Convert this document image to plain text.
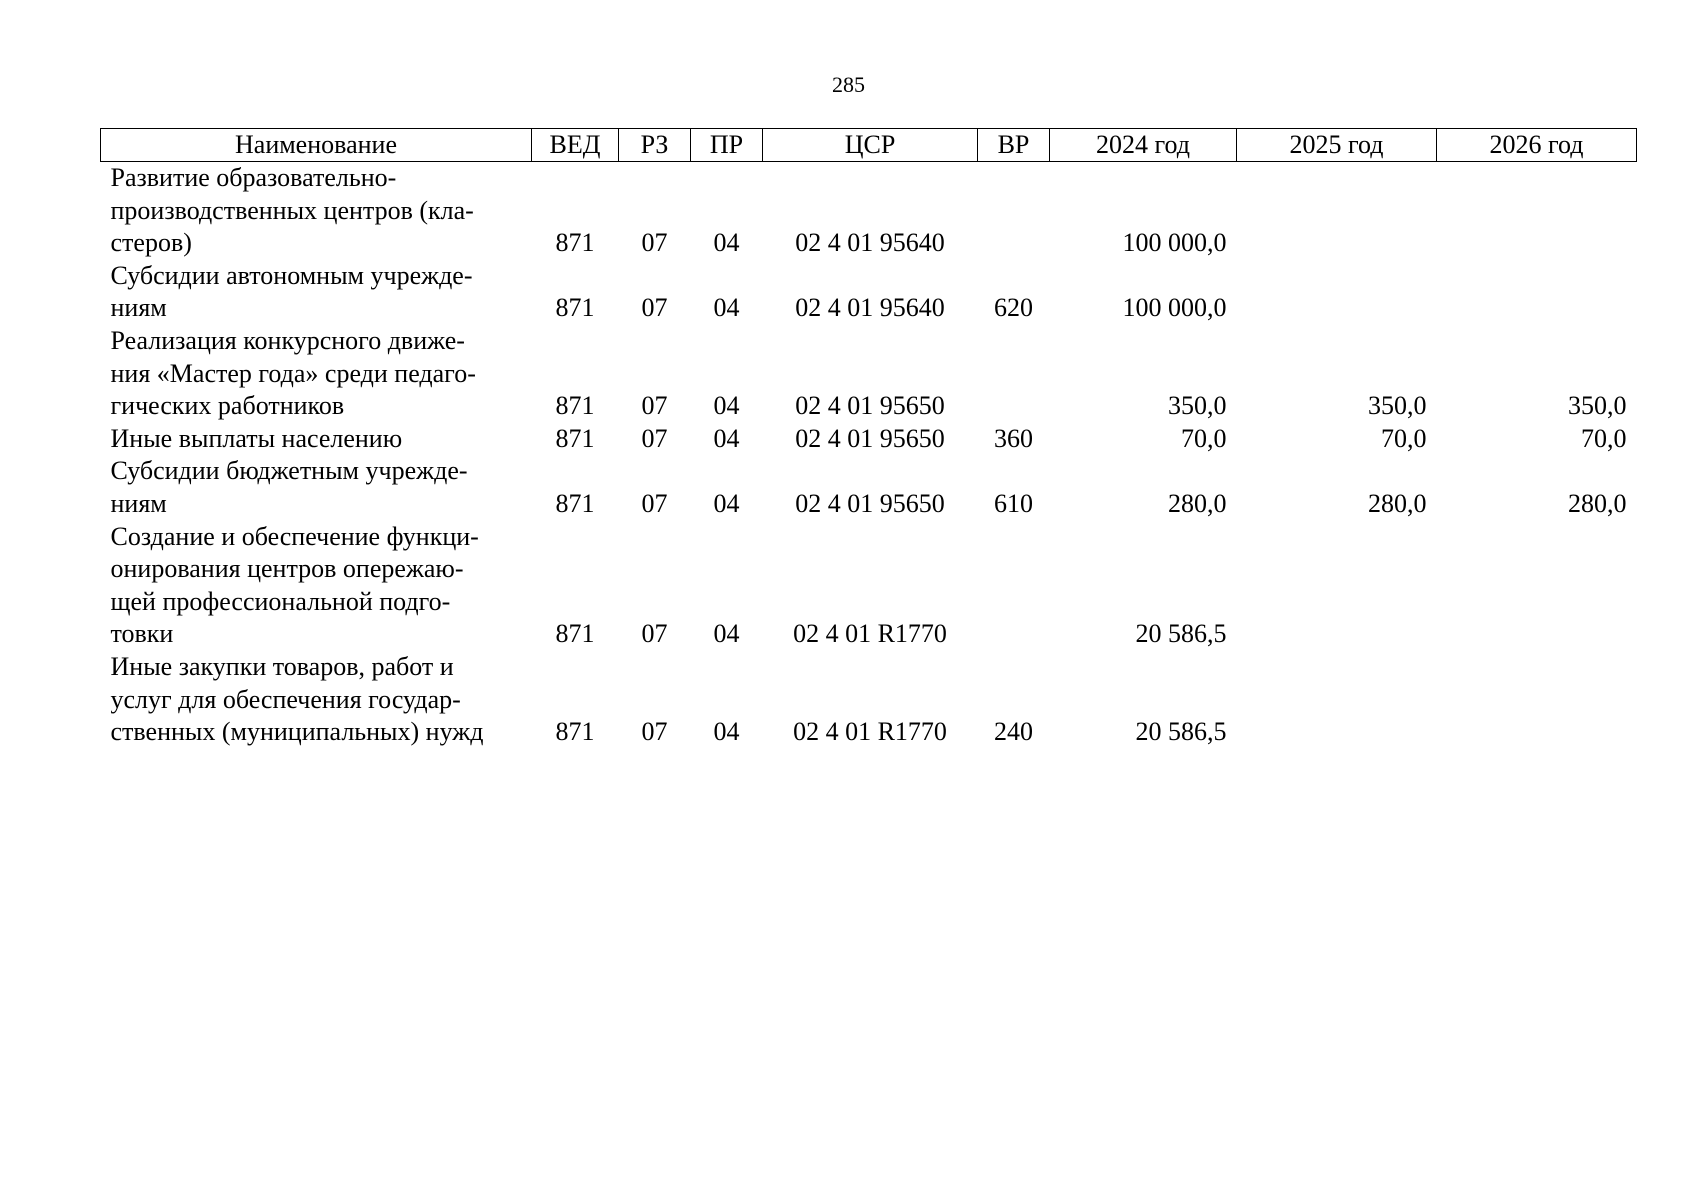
285
Наименование	ВЕД	РЗ	ПР	ЦСР	ВР	2024 год	2025 год	2026 год

Развитие образовательно-
производственных центров (кла-
стеров)	871	07	04	02 4 01 95640		100 000,0		

Субсидии автономным учрежде-
ниям	871	07	04	02 4 01 95640	620	100 000,0		

Реализация конкурсного движе-
ния «Мастер года» среди педаго-
гических работников	871	07	04	02 4 01 95650		350,0	350,0	350,0

Иные выплаты населению	871	07	04	02 4 01 95650	360	70,0	70,0	70,0

Субсидии бюджетным учрежде-
ниям	871	07	04	02 4 01 95650	610	280,0	280,0	280,0

Создание и обеспечение функци-
онирования центров опережаю-
щей профессиональной подго-
товки	871	07	04	02 4 01 R1770		20 586,5		

Иные закупки товаров, работ и
услуг для обеспечения государ-
ственных (муниципальных) нужд	871	07	04	02 4 01 R1770	240	20 586,5		
